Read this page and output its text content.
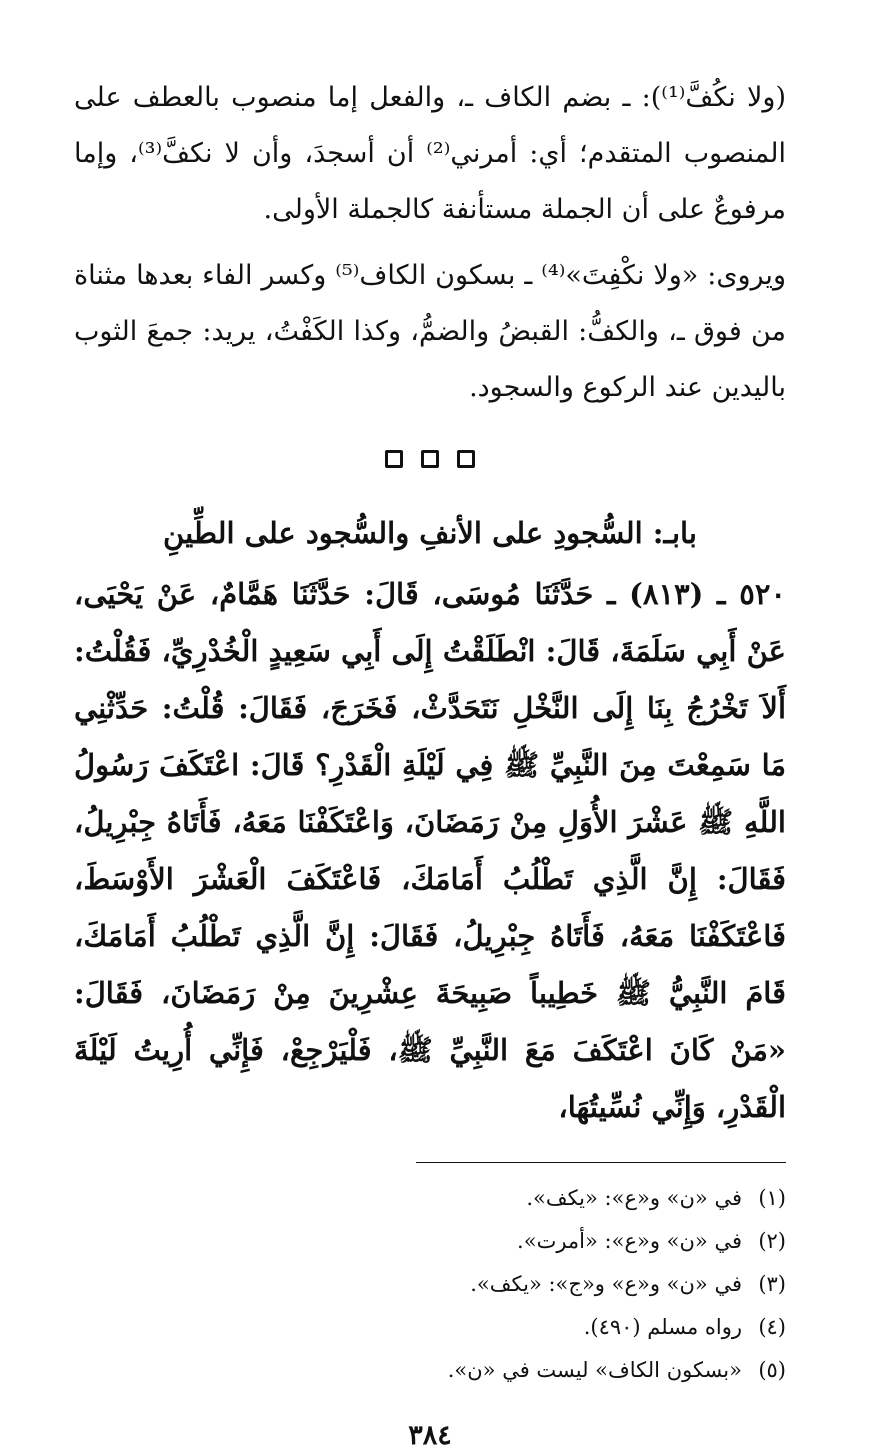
(ولا نكُفَّ⁽¹⁾): ـ بضم الكاف ـ، والفعل إما منصوب بالعطف على المنصوب المتقدم؛ أي: أمرني⁽²⁾ أن أسجدَ، وأن لا نكفَّ⁽³⁾، وإما مرفوعٌ على أن الجملة مستأنفة كالجملة الأولى.

ويروى: «ولا نكْفِتَ»⁽⁴⁾ ـ بسكون الكاف⁽⁵⁾ وكسر الفاء بعدها مثناة من فوق ـ، والكفُّ: القبضُ والضمُّ، وكذا الكَفْتُ، يريد: جمعَ الثوب باليدين عند الركوع والسجود.

بابـ: السُّجودِ على الأنفِ والسُّجود على الطِّينِ

٥٢٠ ـ (٨١٣) ـ حَدَّثَنَا مُوسَى، قَالَ: حَدَّثَنَا هَمَّامٌ، عَنْ يَحْيَى، عَنْ أَبِي سَلَمَةَ، قَالَ: انْطَلَقْتُ إِلَى أَبِي سَعِيدٍ الْخُدْرِيِّ، فَقُلْتُ: أَلاَ تَخْرُجُ بِنَا إِلَى النَّخْلِ نَتَحَدَّثْ، فَخَرَجَ، فَقَالَ: قُلْتُ: حَدِّثْنِي مَا سَمِعْتَ مِنَ النَّبِيِّ ﷺ فِي لَيْلَةِ الْقَدْرِ؟ قَالَ: اعْتَكَفَ رَسُولُ اللَّهِ ﷺ عَشْرَ الأُوَلِ مِنْ رَمَضَانَ، وَاعْتَكَفْنَا مَعَهُ، فَأَتَاهُ جِبْرِيلُ، فَقَالَ: إِنَّ الَّذِي تَطْلُبُ أَمَامَكَ، فَاعْتَكَفَ الْعَشْرَ الأَوْسَطَ، فَاعْتَكَفْنَا مَعَهُ، فَأَتَاهُ جِبْرِيلُ، فَقَالَ: إِنَّ الَّذِي تَطْلُبُ أَمَامَكَ، قَامَ النَّبِيُّ ﷺ خَطِيباً صَبِيحَةَ عِشْرِينَ مِنْ رَمَضَانَ، فَقَالَ: «مَنْ كَانَ اعْتَكَفَ مَعَ النَّبِيِّ ﷺ، فَلْيَرْجِعْ، فَإِنِّي أُرِيتُ لَيْلَةَ الْقَدْرِ، وَإِنِّي نُسِّيتُهَا،

(١)
في «ن» و«ع»: «يكف».
(٢)
في «ن» و«ع»: «أمرت».
(٣)
في «ن» و«ع» و«ج»: «يكف».
(٤)
رواه مسلم (٤٩٠).
(٥)
«بسكون الكاف» ليست في «ن».
٣٨٤
